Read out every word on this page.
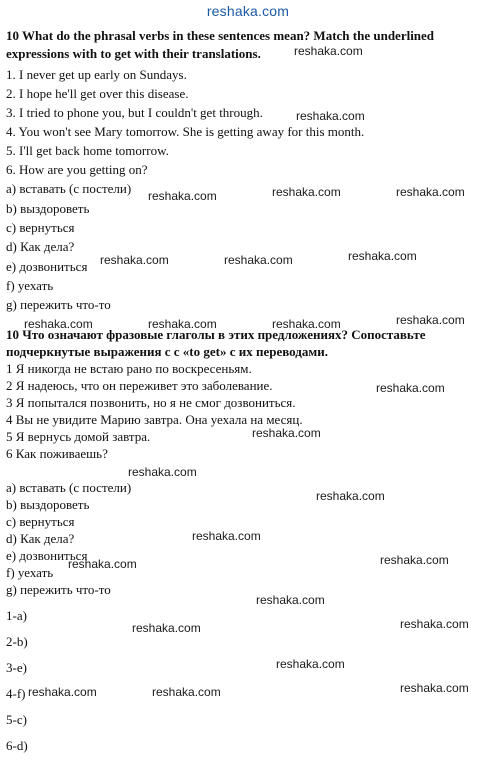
reshaka.com
10 What do the phrasal verbs in these sentences mean? Match the underlined
expressions with to get with their translations.
1. I never get up early on Sundays.
2. I hope he'll get over this disease.
3. I tried to phone you, but I couldn't get through.
4. You won't see Mary tomorrow. She is getting away for this month.
5. I'll get back home tomorrow.
6. How are you getting on?
a) вставать (с постели)
b) выздороветь
c) вернуться
d) Как дела?
e) дозвониться
f) уехать
g) пережить что-то
10 Что означают фразовые глаголы в этих предложениях? Сопоставьте
подчеркнутые выражения с с «to get» с их переводами.
1 Я никогда не встаю рано по воскресеньям.
2 Я надеюсь, что он переживет это заболевание.
3 Я попытался позвонить, но я не смог дозвониться.
4 Вы не увидите Марию завтра. Она уехала на месяц.
5 Я вернусь домой завтра.
6 Как поживаешь?
a) вставать (с постели)
b) выздороветь
c) вернуться
d) Как дела?
e) дозвониться
f) уехать
g) пережить что-то
1-a)
2-b)
3-e)
4-f)
5-c)
6-d)
reshaka.com
reshaka.com
reshaka.com	reshaka.com	reshaka.com
reshaka.com	reshaka.com	reshaka.com
reshaka.com	reshaka.com	reshaka.com	reshaka.com
reshaka.com
reshaka.com
reshaka.com
reshaka.com
reshaka.com
reshaka.com	reshaka.com
reshaka.com
reshaka.com	reshaka.com
reshaka.com
reshaka.com	reshaka.com	reshaka.com
